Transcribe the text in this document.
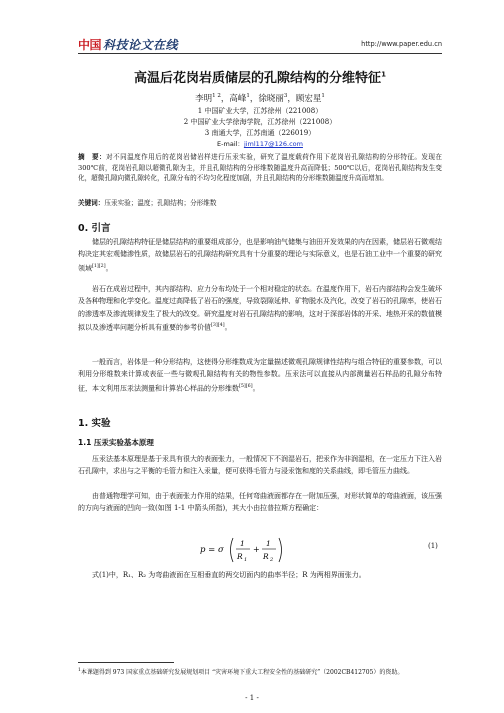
中国 科技论文在线	http://www.paper.edu.cn
高温后花岗岩质储层的孔隙结构的分维特征$^1$
李明$^{1 2}$，高峰$^1$，徐晓丽$^3$，顾宏星$^1$
1 中国矿业大学，江苏徐州（221008）
2 中国矿业大学徐海学院，江苏徐州（221008）
3 南通大学，江苏南通（226019）
E-mail：jiml117@126.com
摘　要：对不同温度作用后的花岗岩储岩样进行压汞实验，研究了温度载荷作用下花岗岩孔隙结构的分形特征。发现在 300℃前，花岗岩孔隙以超微孔隙为主，并且孔隙结构的分形维数随温度升高而降低；500℃以后，花岗岩孔隙结构发生变化，超微孔隙向微孔隙转化，孔隙分布的不均匀化程度加剧，并且孔隙结构的分形维数随温度升高而增加。
关键词：压汞实验；温度；孔隙结构；分形维数
0. 引言
储层的孔隙结构特征是储层结构的重要组成部分，也是影响油气储集与油田开发效果的内在因素，储层岩石微观结构决定其宏观储渗性质，故储层岩石的孔隙结构研究具有十分重要的理论与实际意义，也是石油工业中一个重要的研究领域[1][2]。
岩石在成岩过程中，其内部结构、应力分布均处于一个相对稳定的状态。在温度作用下，岩石内部结构会发生破坏及各种物理和化学变化。温度过高降低了岩石的强度，导致裂隙延伸、矿物脱水及汽化，改变了岩石的孔隙率，使岩石的渗透率及渗流规律发生了极大的改变。研究温度对岩石孔隙结构的影响，这对于深部岩体的开采、地热开采的数值模拟以及渗透率问题分析具有重要的参考价值[3][4]。
一般而言，岩体是一种分形结构，这使得分形维数成为定量描述微观孔隙规律性结构与组合特征的重要参数，可以利用分形维数来计算或表征一些与微观孔隙结构有关的物性参数。压汞法可以直接从内部测量岩石样品的孔隙分布特征，本文利用压汞法测量和计算岩心样品的分形维数[5][6]。
1. 实验
1.1 压汞实验基本原理
压汞法基本原理是基于汞具有很大的表面张力，一般情况下不润湿岩石，把汞作为非润湿相，在一定压力下注入岩石孔隙中，求出与之平衡的毛管力和注入汞量，便可获得毛管力与浸汞饱和度的关系曲线，即毛管压力曲线。
由普通物理学可知，由于表面张力作用的结果，任何弯曲液面都存在一附加压强，对形状简单的弯曲液面，该压强的方向与液面的凹向一致(如图 1-1 中箭头所指)，其大小由拉普拉斯方程确定：
p = σ
1
R 1
+
1
R 2
(1)
式(1)中，R₁、R₂ 为弯曲液面在互相垂直的两交切面内的曲率半径；R 为两相界面张力。
$^1$本课题得到 973 国家重点基础研究发展规划项目 “灾害环境下重大工程安全性的基础研究”（2002CB412705）的资助。
- 1 -
